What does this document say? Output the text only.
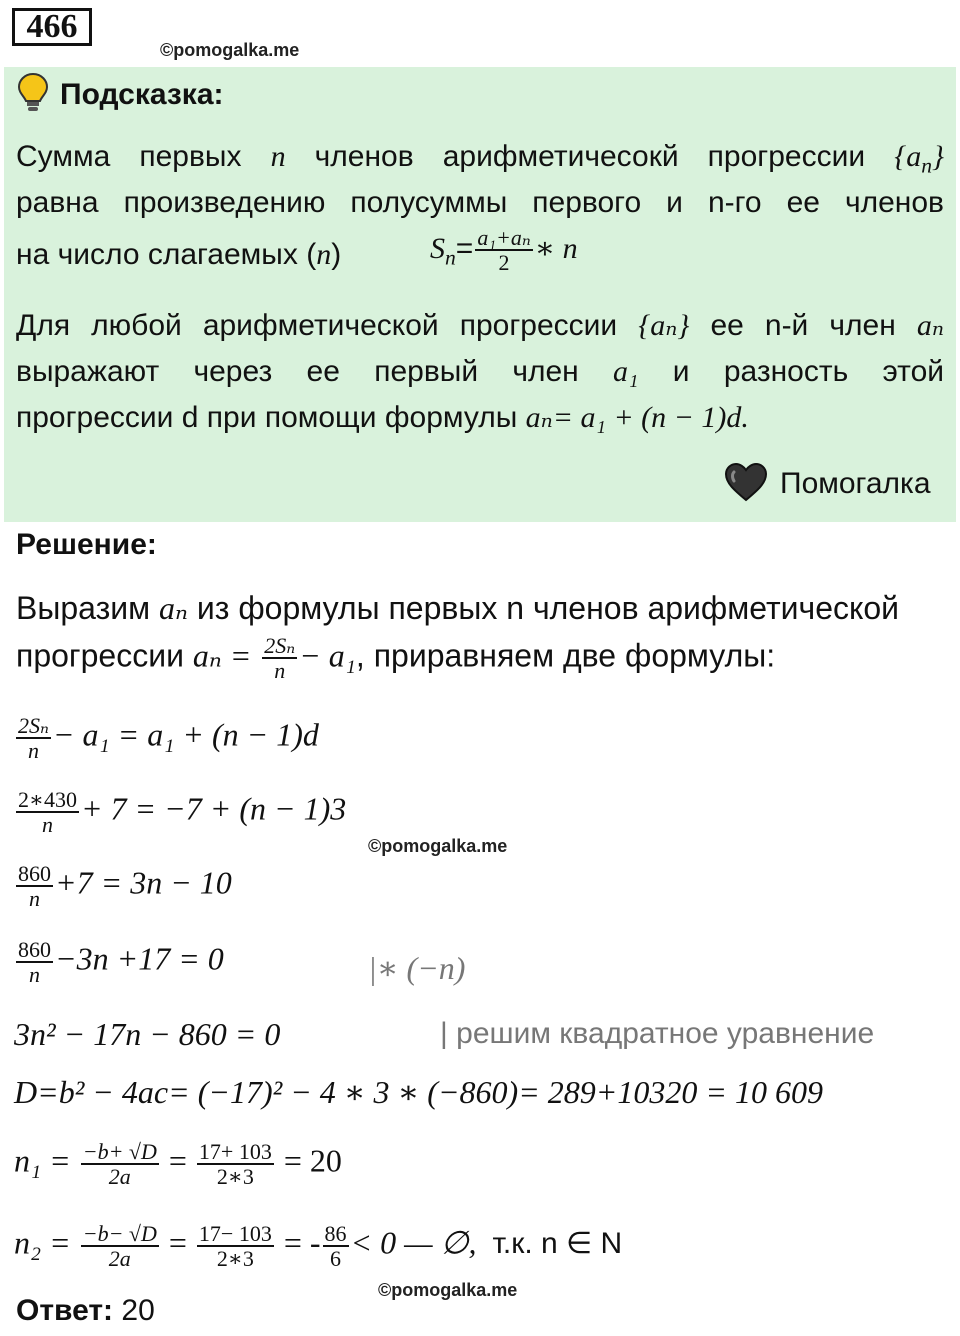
466
©pomogalka.me
Подсказка:
Сумма первых n членов арифметичесокй прогрессии $\{a_n\}$
равна произведению полусуммы первого и n-го ее членов
на число слагаемых (n)	$S_n= \frac{\text{a₁+aₙ}}{2}$ ∗ n
Для любой арифметической прогрессии {aₙ} ее n-й член aₙ
выражают через ее первый член a₁ и разность этой
прогрессии d при помощи формулы aₙ= a₁ + (n − 1)d.
Помогалка
Решение:
Выразим aₙ из формулы первых n членов арифметической
прогрессии $a_n = \frac{\text{2Sₙ}}{n} - a_1$, приравняем две формулы:
$\frac{\text{2Sₙ}}{n} - a_1 = a_1 + (n - 1)d$
$\frac{2∗430}{n} + 7 = -7 + (n - 1)3$
©pomogalka.me
$\frac{860}{n} +7 = 3n - 10$
$\frac{860}{n} -3n +17 = 0$	|∗ (−n)
3n² − 17n − 860 = 0	| решим квадратное уравнение
D=b² − 4ac= (−17)² − 4 ∗ 3 ∗ (−860)= 289+10320 = 10 609
$n_1 = \frac{-b+ √D}{2a} = \frac{17+ 103}{2∗3} = 20$
$n_2 = \frac{-b- √D}{2a} = \frac{17- 103}{2∗3}$ = - $\frac{86}{6} < 0$ — ∅, т.к. n ∈ N
©pomogalka.me
Ответ: 20
